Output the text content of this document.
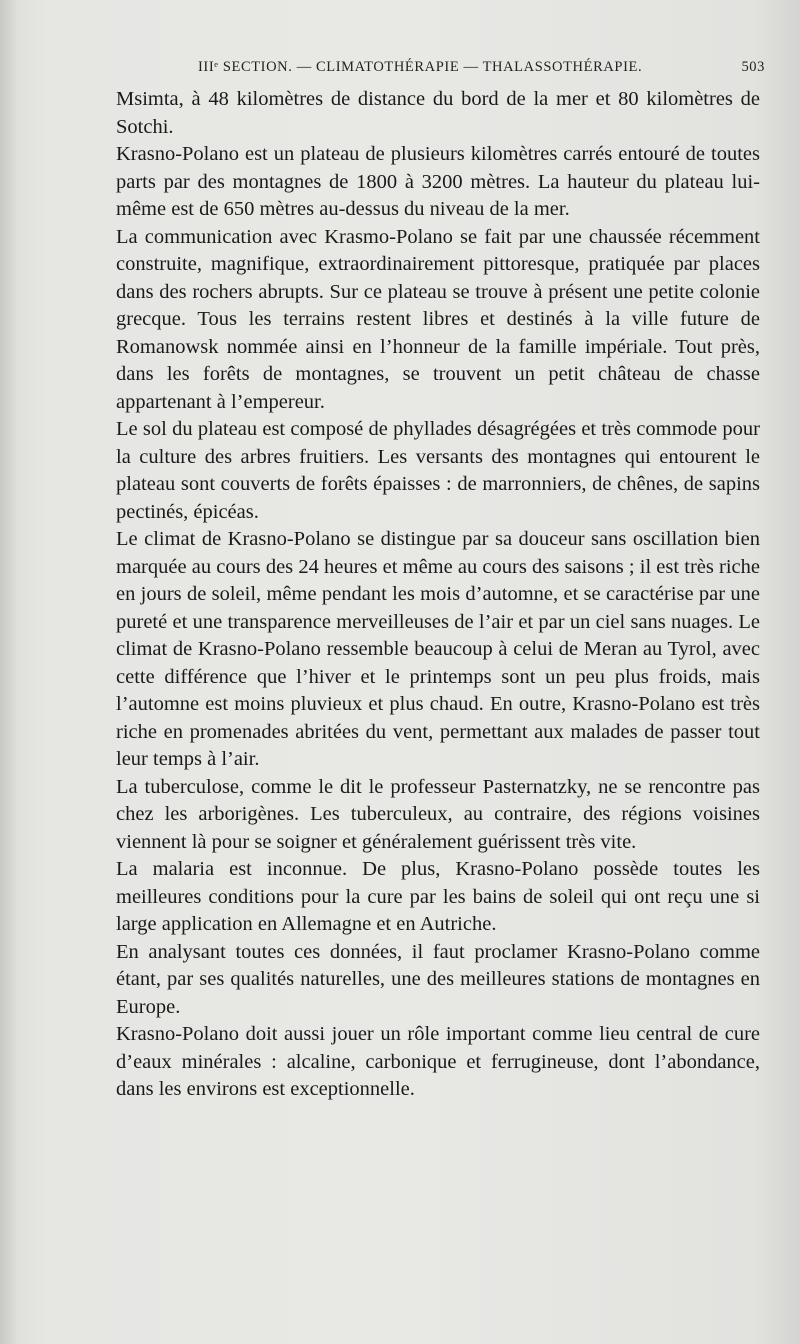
IIIᵉ SECTION. — CLIMATOTHÉRAPIE — THALASSOTHÉRAPIE.	503

Msimta, à 48 kilomètres de distance du bord de la mer et 80 kilomètres de Sotchi.

Krasno-Polano est un plateau de plusieurs kilomètres carrés entouré de toutes parts par des montagnes de 1800 à 3200 mètres. La hauteur du plateau lui-même est de 650 mètres au-dessus du niveau de la mer.

La communication avec Krasmo-Polano se fait par une chaussée récemment construite, magnifique, extraordinairement pittoresque, pratiquée par places dans des rochers abrupts. Sur ce plateau se trouve à présent une petite colonie grecque. Tous les terrains restent libres et destinés à la ville future de Romanowsk nommée ainsi en l’honneur de la famille impériale. Tout près, dans les forêts de montagnes, se trouvent un petit château de chasse appartenant à l’empereur.

Le sol du plateau est composé de phyllades désagrégées et très commode pour la culture des arbres fruitiers. Les versants des montagnes qui entourent le plateau sont couverts de forêts épaisses : de marronniers, de chênes, de sapins pectinés, épicéas.

Le climat de Krasno-Polano se distingue par sa douceur sans oscillation bien marquée au cours des 24 heures et même au cours des saisons ; il est très riche en jours de soleil, même pendant les mois d’automne, et se caractérise par une pureté et une transparence merveilleuses de l’air et par un ciel sans nuages. Le climat de Krasno-Polano ressemble beaucoup à celui de Meran au Tyrol, avec cette différence que l’hiver et le printemps sont un peu plus froids, mais l’automne est moins pluvieux et plus chaud. En outre, Krasno-Polano est très riche en promenades abritées du vent, permettant aux malades de passer tout leur temps à l’air.

La tuberculose, comme le dit le professeur Pasternatzky, ne se rencontre pas chez les arborigènes. Les tuberculeux, au contraire, des régions voisines viennent là pour se soigner et généralement guérissent très vite.

La malaria est inconnue. De plus, Krasno-Polano possède toutes les meilleures conditions pour la cure par les bains de soleil qui ont reçu une si large application en Allemagne et en Autriche.

En analysant toutes ces données, il faut proclamer Krasno-Polano comme étant, par ses qualités naturelles, une des meilleures stations de montagnes en Europe.

Krasno-Polano doit aussi jouer un rôle important comme lieu central de cure d’eaux minérales : alcaline, carbonique et ferrugineuse, dont l’abondance, dans les environs est exceptionnelle.
